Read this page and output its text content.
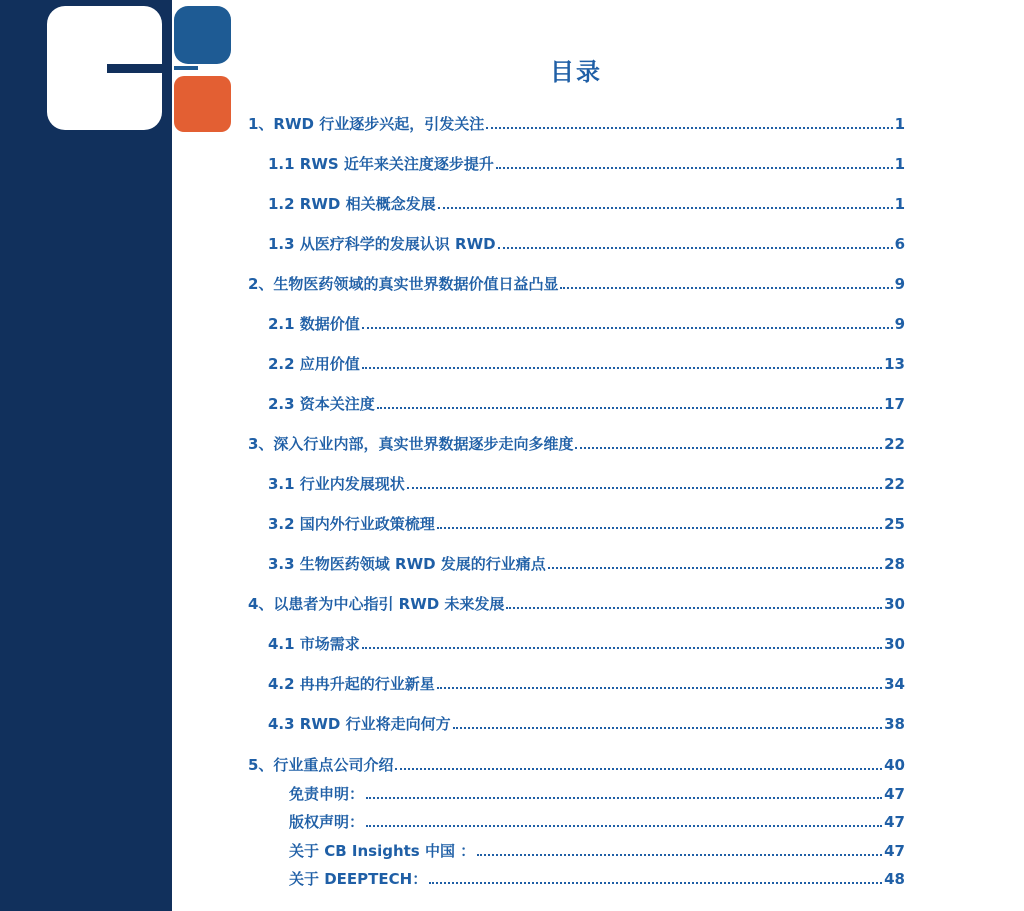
目录
1、RWD 行业逐步兴起，引发关注	1
1.1 RWS 近年来关注度逐步提升	1
1.2 RWD 相关概念发展	1
1.3 从医疗科学的发展认识 RWD	6
2、生物医药领域的真实世界数据价值日益凸显	9
2.1 数据价值	9
2.2 应用价值	13
2.3 资本关注度	17
3、深入行业内部，真实世界数据逐步走向多维度	22
3.1 行业内发展现状	22
3.2 国内外行业政策梳理	25
3.3 生物医药领域 RWD 发展的行业痛点	28
4、以患者为中心指引 RWD 未来发展	30
4.1 市场需求	30
4.2 冉冉升起的行业新星	34
4.3 RWD 行业将走向何方	38
5、行业重点公司介绍	40
免责申明：	47
版权声明：	47
关于 CB Insights 中国 ：	47
关于 DEEPTECH：	48
